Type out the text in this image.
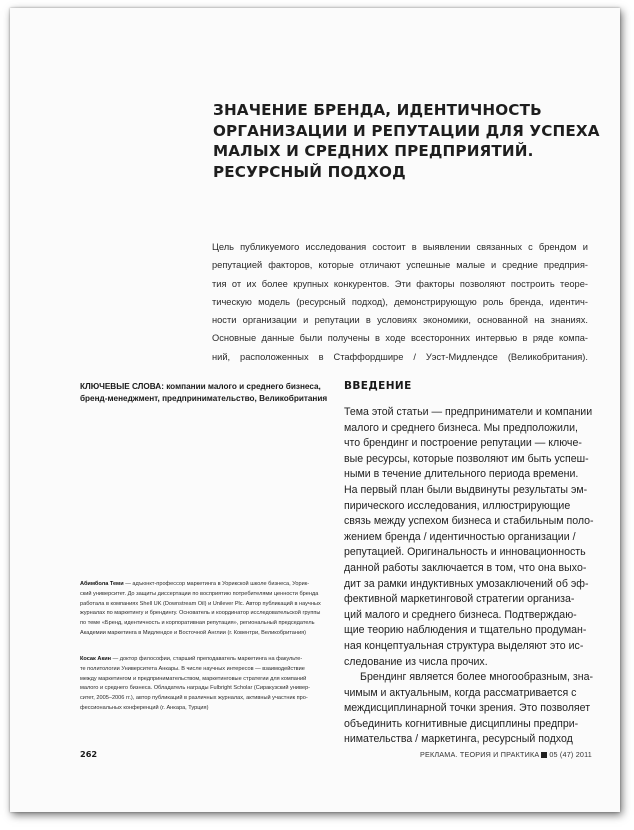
ЗНАЧЕНИЕ БРЕНДА, ИДЕНТИЧНОСТЬ
ОРГАНИЗАЦИИ И РЕПУТАЦИИ ДЛЯ УСПЕХА
МАЛЫХ И СРЕДНИХ ПРЕДПРИЯТИЙ.
РЕСУРСНЫЙ ПОДХОД
Цель публикуемого исследования состоит в выявлении связанных с брендом и
репутацией факторов, которые отличают успешные малые и средние предприя-
тия от их более крупных конкурентов. Эти факторы позволяют построить теоре-
тическую модель (ресурсный подход), демонстрирующую роль бренда, идентич-
ности организации и репутации в условиях экономики, основанной на знаниях.
Основные данные были получены в ходе всесторонних интервью в ряде компа-
ний, расположенных в Стаффордшире / Уэст-Мидлендсе (Великобритания).
КЛЮЧЕВЫЕ СЛОВА: компании малого и среднего бизнеса,
бренд-менеджмент, предпринимательство, Великобритания
ВВЕДЕНИЕ
Тема этой статьи — предприниматели и компании
малого и среднего бизнеса. Мы предположили,
что брендинг и построение репутации — ключе-
вые ресурсы, которые позволяют им быть успеш-
ными в течение длительного периода времени.
На первый план были выдвинуты результаты эм-
пирического исследования, иллюстрирующие
связь между успехом бизнеса и стабильным поло-
жением бренда / идентичностью организации /
репутацией. Оригинальность и инновационность
данной работы заключается в том, что она выхо-
дит за рамки индуктивных умозаключений об эф-
фективной маркетинговой стратегии организа-
ций малого и среднего бизнеса. Подтверждаю-
щие теорию наблюдения и тщательно продуман-
ная концептуальная структура выделяют это ис-
следование из числа прочих.
Брендинг является более многообразным, зна-
чимым и актуальным, когда рассматривается с
междисциплинарной точки зрения. Это позволяет
объединить когнитивные дисциплины предпри-
нимательства / маркетинга, ресурсный подход
Абимбола Теми — адъюнкт-профессор маркетинга в Уорикской школе бизнеса, Уорик-
ский университет. До защиты диссертации по восприятию потребителями ценности бренда
работала в компаниях Shell UK (Downstream Oil) и Unilever Plc. Автор публикаций в научных
журналах по маркетингу и брендингу. Основатель и координатор исследовательской группы
по теме «Бренд, идентичность и корпоративная репутация», региональный председатель
Академии маркетинга в Мидлендсе и Восточной Англии (г. Ковентри, Великобритания)
Косак Акин — доктор философии, старший преподаватель маркетинга на факульте-
те политологии Университета Анкары. В числе научных интересов — взаимодействие
между маркетингом и предпринимательством, маркетинговые стратегии для компаний
малого и среднего бизнеса. Обладатель награды Fulbright Scholar (Сиракузский универ-
ситет, 2005–2006 гг.), автор публикаций в различных журналах, активный участник про-
фессиональных конференций (г. Анкара, Турция)
262	РЕКЛАМА. ТЕОРИЯ И ПРАКТИКА 05 (47) 2011
